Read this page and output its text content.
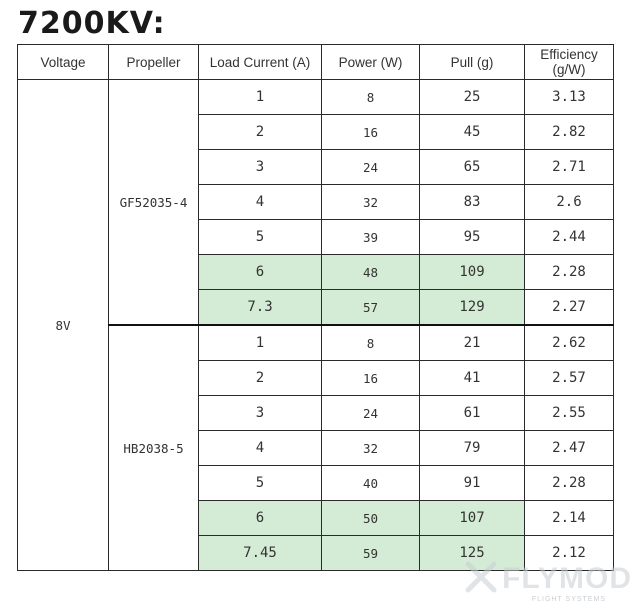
7200KV:
Voltage	Propeller	Load Current (A)	Power (W)	Pull (g)	Efficiency
(g/W)
8V	GF52035-4	1	8	25	3.13
		2	16	45	2.82
		3	24	65	2.71
		4	32	83	2.6
		5	39	95	2.44
		6	48	109	2.28
		7.3	57	129	2.27
	HB2038-5	1	8	21	2.62
		2	16	41	2.57
		3	24	61	2.55
		4	32	79	2.47
		5	40	91	2.28
		6	50	107	2.14
		7.45	59	125	2.12
FLYMOD
FLIGHT SYSTEMS
